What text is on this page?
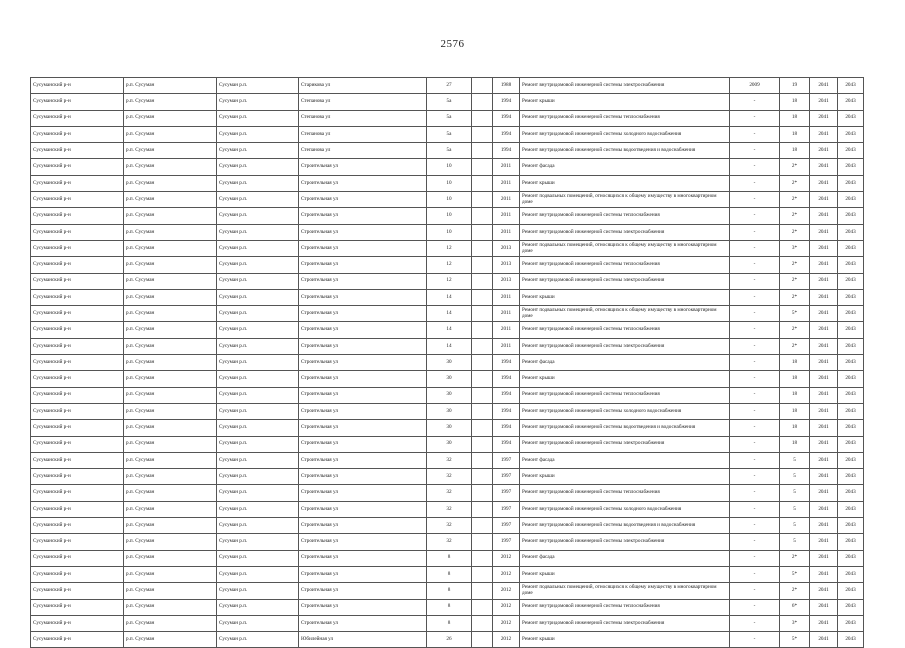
2576
Сусуманский р-н	р.п. Сусуман	Сусуман р.п.	Старикова ул	27		1988	Ремонт внутридомовой инженерной системы электроснабжения	2009	19	2041	2043
Сусуманский р-н	р.п. Сусуман	Сусуман р.п.	Степанова ул	5а		1994	Ремонт крыши	-	18	2041	2043
Сусуманский р-н	р.п. Сусуман	Сусуман р.п.	Степанова ул	5а		1994	Ремонт внутридомовой инженерной системы теплоснабжения	-	18	2041	2043
Сусуманский р-н	р.п. Сусуман	Сусуман р.п.	Степанова ул	5а		1994	Ремонт внутридомовой инженерной системы холодного водоснабжения	-	18	2041	2043
Сусуманский р-н	р.п. Сусуман	Сусуман р.п.	Степанова ул	5а		1994	Ремонт внутридомовой инженерной системы водоотведения и водоснабжения	-	18	2041	2043
Сусуманский р-н	р.п. Сусуман	Сусуман р.п.	Строительная ул	10		2011	Ремонт фасада	-	2*	2041	2043
Сусуманский р-н	р.п. Сусуман	Сусуман р.п.	Строительная ул	10		2011	Ремонт крыши	-	2*	2041	2043
Сусуманский р-н	р.п. Сусуман	Сусуман р.п.	Строительная ул	10		2011	Ремонт подвальных помещений, относящихся к общему имуществу в многоквартирном доме	-	2*	2041	2043
Сусуманский р-н	р.п. Сусуман	Сусуман р.п.	Строительная ул	10		2011	Ремонт внутридомовой инженерной системы теплоснабжения	-	2*	2041	2043
Сусуманский р-н	р.п. Сусуман	Сусуман р.п.	Строительная ул	10		2011	Ремонт внутридомовой инженерной системы электроснабжения	-	2*	2041	2043
Сусуманский р-н	р.п. Сусуман	Сусуман р.п.	Строительная ул	12		2013	Ремонт подвальных помещений, относящихся к общему имуществу в многоквартирном доме	-	3*	2041	2043
Сусуманский р-н	р.п. Сусуман	Сусуман р.п.	Строительная ул	12		2013	Ремонт внутридомовой инженерной системы теплоснабжения	-	2*	2041	2043
Сусуманский р-н	р.п. Сусуман	Сусуман р.п.	Строительная ул	12		2013	Ремонт внутридомовой инженерной системы электроснабжения	-	2*	2041	2043
Сусуманский р-н	р.п. Сусуман	Сусуман р.п.	Строительная ул	14		2011	Ремонт крыши	-	2*	2041	2043
Сусуманский р-н	р.п. Сусуман	Сусуман р.п.	Строительная ул	14		2011	Ремонт подвальных помещений, относящихся к общему имуществу в многоквартирном доме	-	5*	2041	2043
Сусуманский р-н	р.п. Сусуман	Сусуман р.п.	Строительная ул	14		2011	Ремонт внутридомовой инженерной системы теплоснабжения	-	2*	2041	2043
Сусуманский р-н	р.п. Сусуман	Сусуман р.п.	Строительная ул	14		2011	Ремонт внутридомовой инженерной системы электроснабжения	-	2*	2041	2043
Сусуманский р-н	р.п. Сусуман	Сусуман р.п.	Строительная ул	30		1994	Ремонт фасада	-	18	2041	2043
Сусуманский р-н	р.п. Сусуман	Сусуман р.п.	Строительная ул	30		1994	Ремонт крыши	-	18	2041	2043
Сусуманский р-н	р.п. Сусуман	Сусуман р.п.	Строительная ул	30		1994	Ремонт внутридомовой инженерной системы теплоснабжения	-	18	2041	2043
Сусуманский р-н	р.п. Сусуман	Сусуман р.п.	Строительная ул	30		1994	Ремонт внутридомовой инженерной системы холодного водоснабжения	-	18	2041	2043
Сусуманский р-н	р.п. Сусуман	Сусуман р.п.	Строительная ул	30		1994	Ремонт внутридомовой инженерной системы водоотведения и водоснабжения	-	18	2041	2043
Сусуманский р-н	р.п. Сусуман	Сусуман р.п.	Строительная ул	30		1994	Ремонт внутридомовой инженерной системы электроснабжения	-	18	2041	2043
Сусуманский р-н	р.п. Сусуман	Сусуман р.п.	Строительная ул	32		1997	Ремонт фасада	-	5	2041	2043
Сусуманский р-н	р.п. Сусуман	Сусуман р.п.	Строительная ул	32		1997	Ремонт крыши	-	5	2041	2043
Сусуманский р-н	р.п. Сусуман	Сусуман р.п.	Строительная ул	32		1997	Ремонт внутридомовой инженерной системы теплоснабжения	-	5	2041	2043
Сусуманский р-н	р.п. Сусуман	Сусуман р.п.	Строительная ул	32		1997	Ремонт внутридомовой инженерной системы холодного водоснабжения	-	5	2041	2043
Сусуманский р-н	р.п. Сусуман	Сусуман р.п.	Строительная ул	32		1997	Ремонт внутридомовой инженерной системы водоотведения и водоснабжения	-	5	2041	2043
Сусуманский р-н	р.п. Сусуман	Сусуман р.п.	Строительная ул	32		1997	Ремонт внутридомовой инженерной системы электроснабжения	-	5	2041	2043
Сусуманский р-н	р.п. Сусуман	Сусуман р.п.	Строительная ул	8		2012	Ремонт фасада	-	2*	2041	2043
Сусуманский р-н	р.п. Сусуман	Сусуман р.п.	Строительная ул	8		2012	Ремонт крыши	-	5*	2041	2043
Сусуманский р-н	р.п. Сусуман	Сусуман р.п.	Строительная ул	8		2012	Ремонт подвальных помещений, относящихся к общему имуществу в многоквартирном доме	-	2*	2041	2043
Сусуманский р-н	р.п. Сусуман	Сусуман р.п.	Строительная ул	8		2012	Ремонт внутридомовой инженерной системы теплоснабжения	-	6*	2041	2043
Сусуманский р-н	р.п. Сусуман	Сусуман р.п.	Строительная ул	8		2012	Ремонт внутридомовой инженерной системы электроснабжения	-	3*	2041	2043
Сусуманский р-н	р.п. Сусуман	Сусуман р.п.	Юбилейная ул	26		2012	Ремонт крыши	-	5*	2041	2043
